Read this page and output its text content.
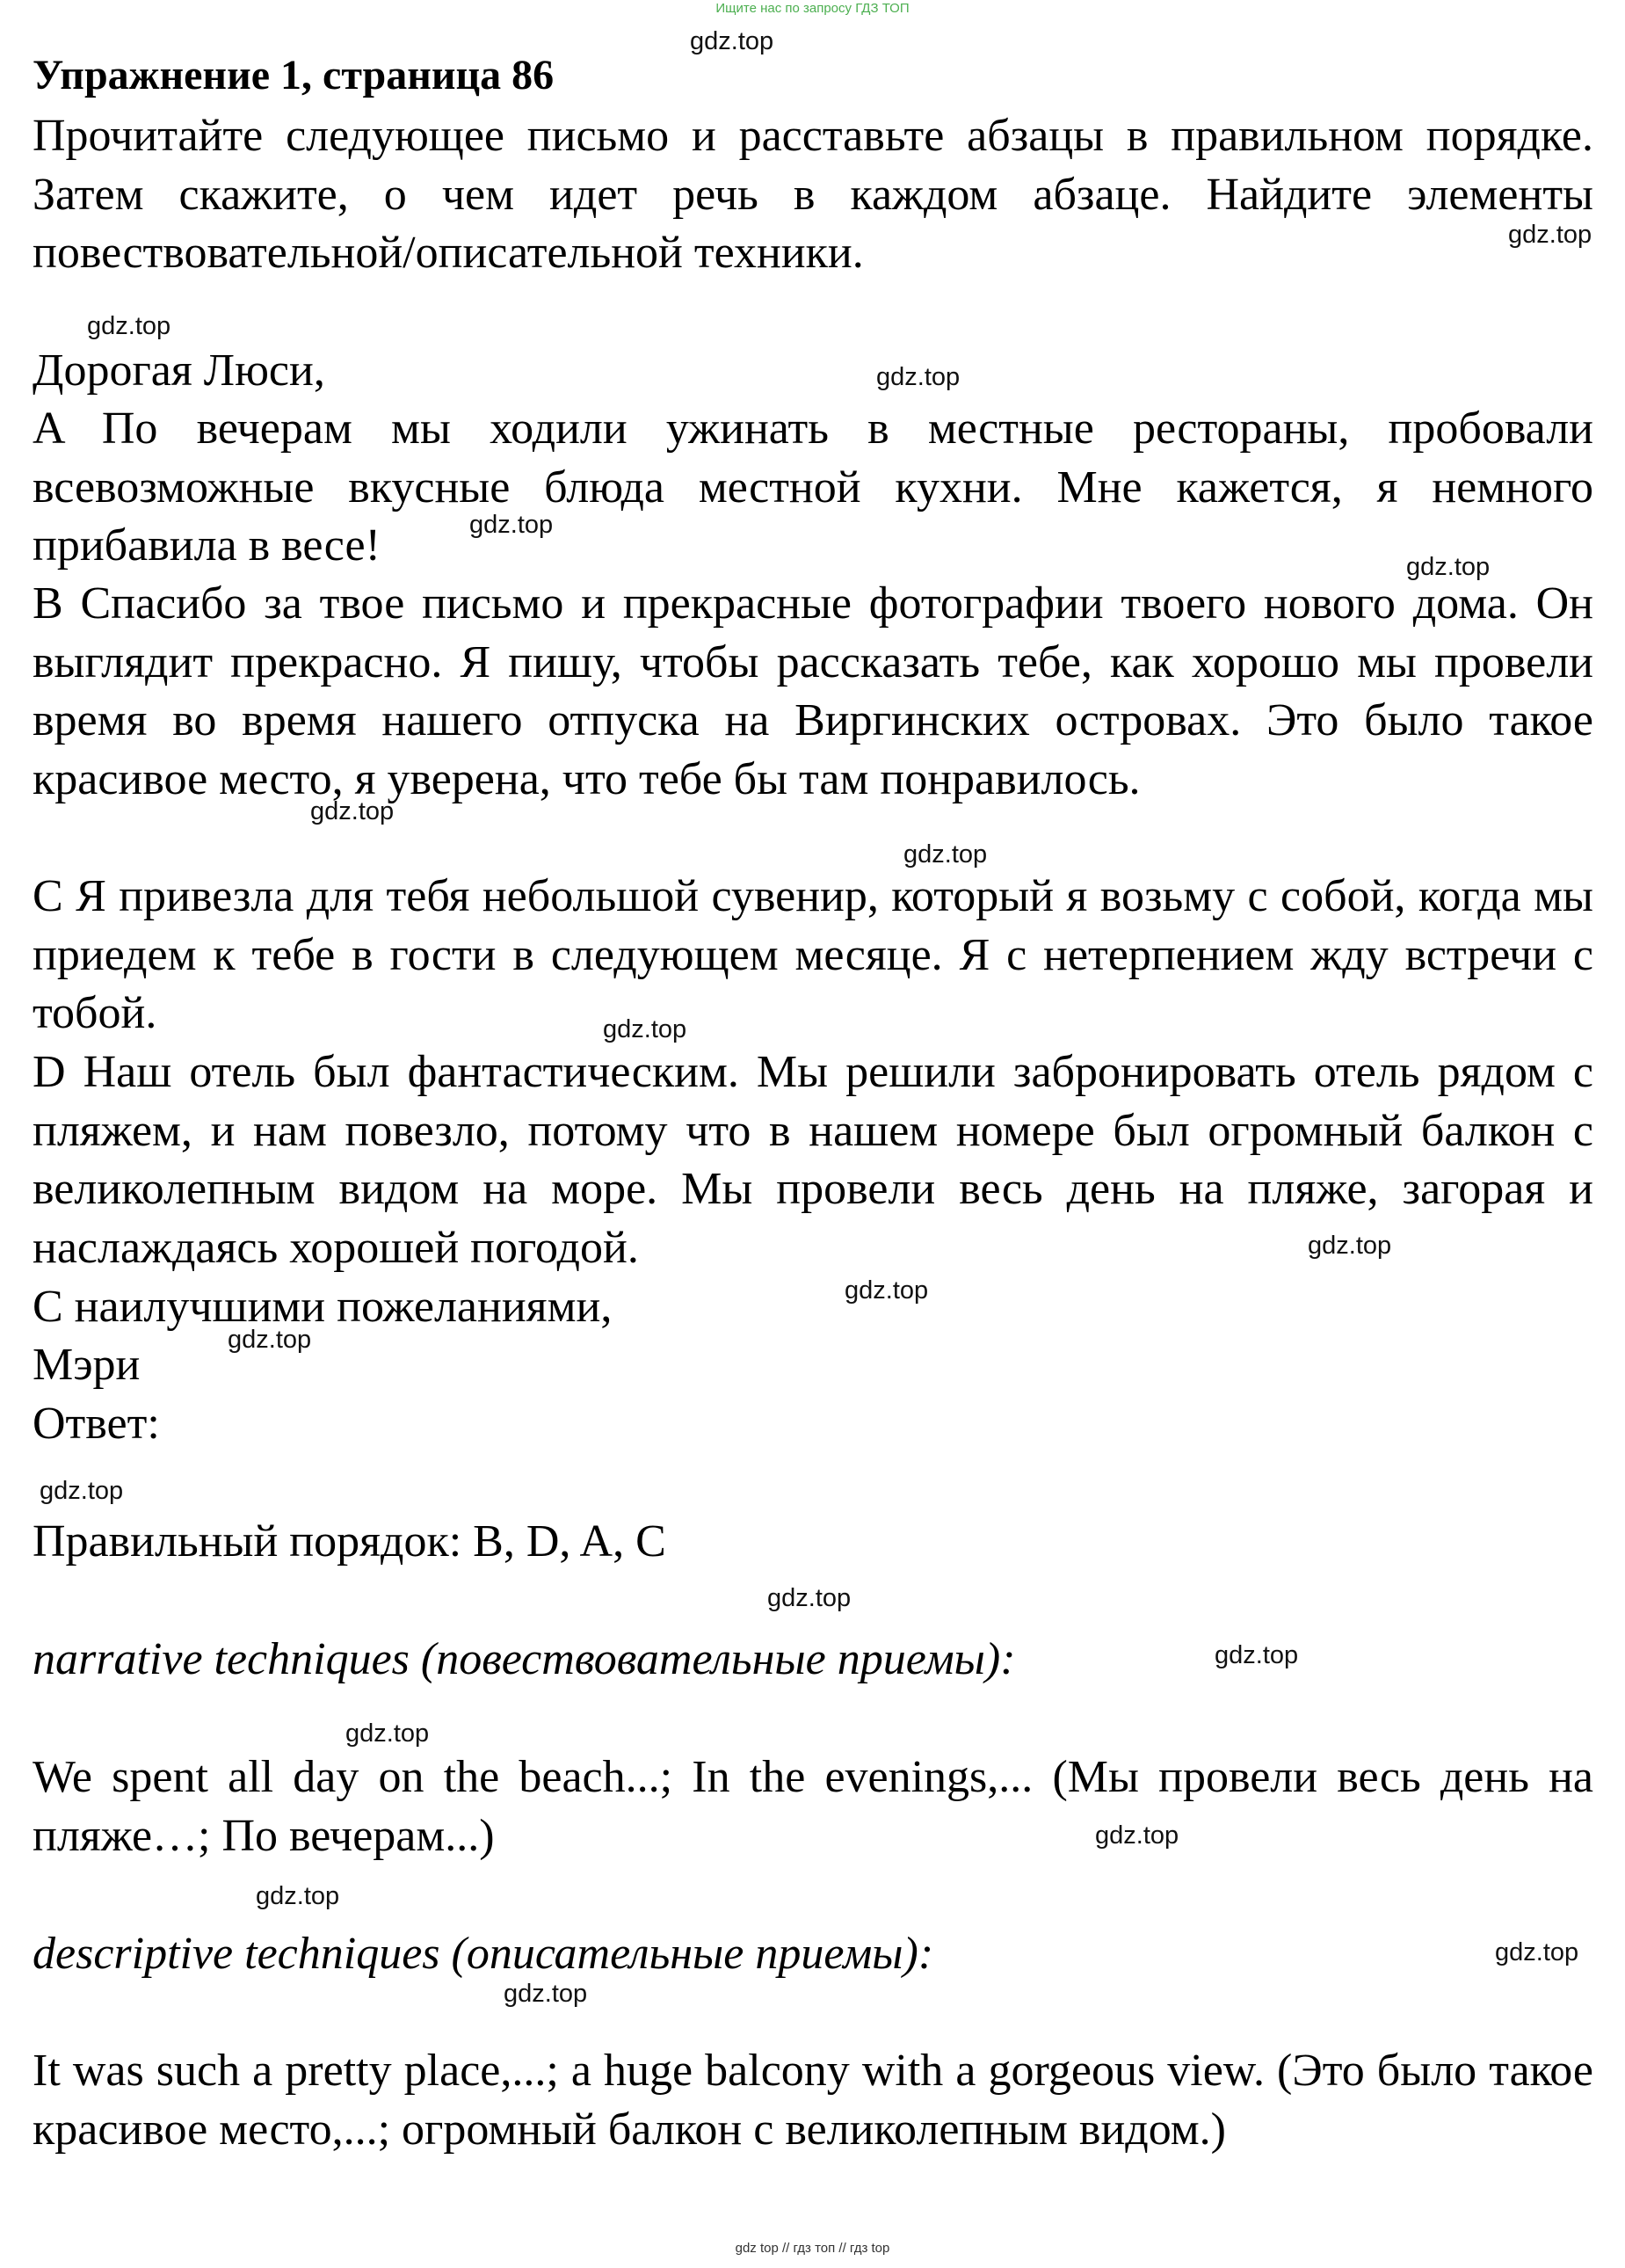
Ищите нас по запросу ГДЗ ТОП
Упражнение 1, страница 86

Прочитайте следующее письмо и расставьте абзацы в правильном порядке. Затем скажите, о чем идет речь в каждом абзаце. Найдите элементы повествовательной/описательной техники.

Дорогая Люси,

A По вечерам мы ходили ужинать в местные рестораны, пробовали всевозможные вкусные блюда местной кухни. Мне кажется, я немного прибавила в весе!

B Спасибо за твое письмо и прекрасные фотографии твоего нового дома. Он выглядит прекрасно. Я пишу, чтобы рассказать тебе, как хорошо мы провели время во время нашего отпуска на Виргинских островах. Это было такое красивое место, я уверена, что тебе бы там понравилось.

C Я привезла для тебя небольшой сувенир, который я возьму с собой, когда мы приедем к тебе в гости в следующем месяце. Я с нетерпением жду встречи с тобой.

D Наш отель был фантастическим. Мы решили забронировать отель рядом с пляжем, и нам повезло, потому что в нашем номере был огромный балкон с великолепным видом на море. Мы провели весь день на пляже, загорая и наслаждаясь хорошей погодой.

С наилучшими пожеланиями,

Мэри

Ответ:

Правильный порядок: B, D, A, C

narrative techniques (повествовательные приемы):

We spent all day on the beach...; In the evenings,... (Мы провели весь день на пляже…; По вечерам...)

descriptive techniques (описательные приемы):

It was such a pretty place,...; a huge balcony with a gorgeous view. (Это было такое красивое место,...; огромный балкон с великолепным видом.)

gdz.top
gdz.top
gdz.top
gdz.top
gdz.top
gdz.top
gdz.top
gdz.top
gdz.top
gdz.top
gdz.top
gdz.top
gdz.top
gdz.top
gdz.top
gdz.top
gdz.top
gdz.top
gdz.top
gdz.top
gdz top // гдз топ // гдз top
